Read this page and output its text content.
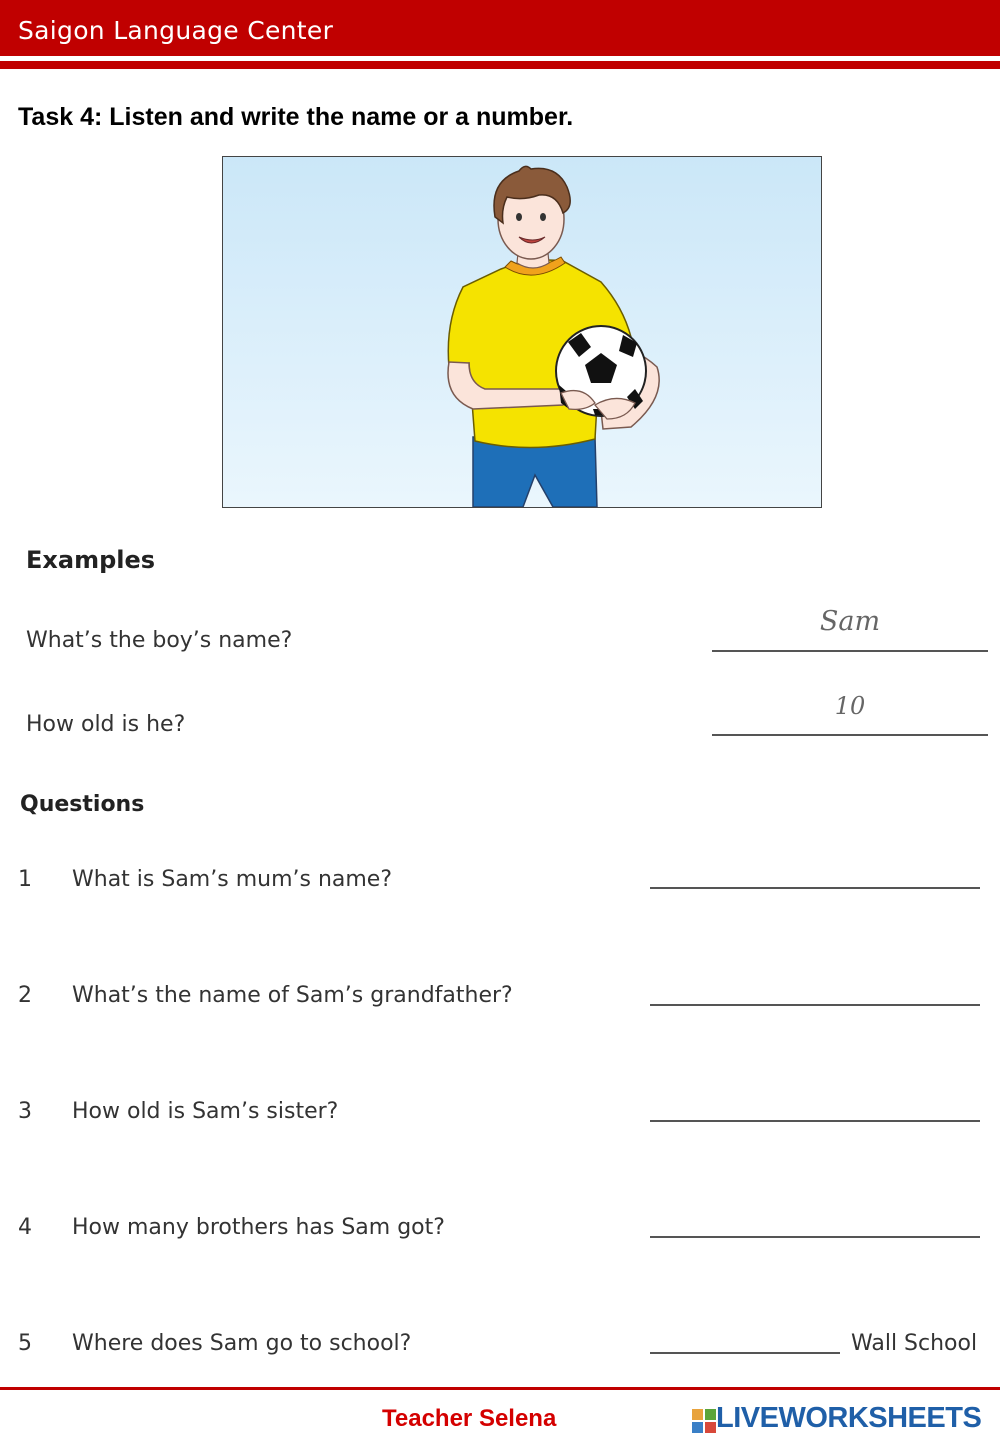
Saigon Language Center
Task 4: Listen and write the name or a number.
Examples
What’s the boy’s name?
Sam
How old is he?
10
Questions
1 What is Sam’s mum’s name?
2 What’s the name of Sam’s grandfather?
3 How old is Sam’s sister?
4 How many brothers has Sam got?
5 Where does Sam go to school?	Wall School
Teacher Selena	LIVEWORKSHEETS
